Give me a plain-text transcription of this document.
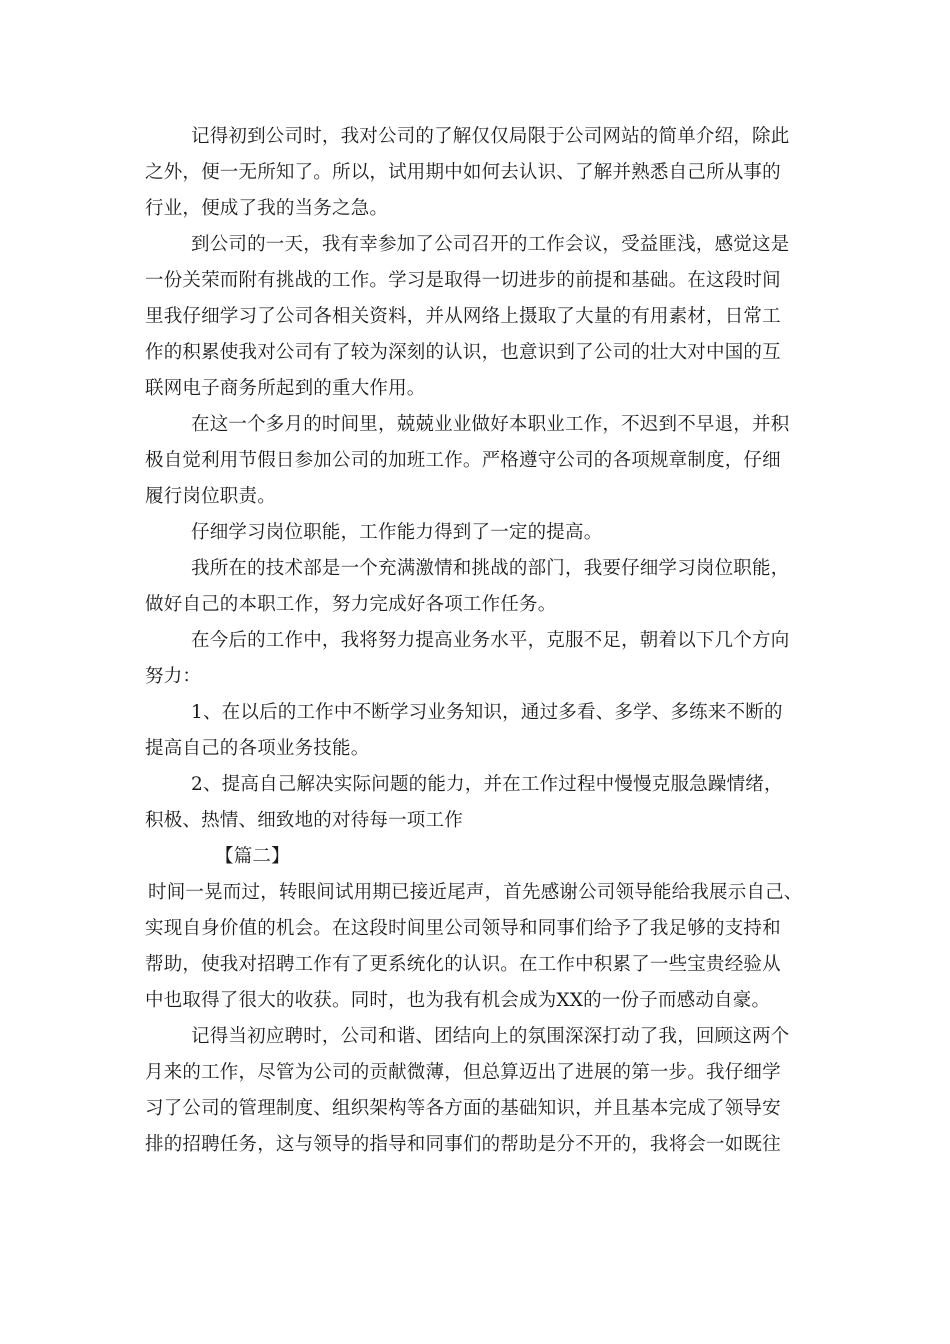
记得初到公司时，我对公司的了解仅仅局限于公司网站的简单介绍，除此
之外，便一无所知了。所以，试用期中如何去认识、了解并熟悉自己所从事的
行业，便成了我的当务之急。
到公司的一天，我有幸参加了公司召开的工作会议，受益匪浅，感觉这是
一份关荣而附有挑战的工作。学习是取得一切进步的前提和基础。在这段时间
里我仔细学习了公司各相关资料，并从网络上摄取了大量的有用素材，日常工
作的积累使我对公司有了较为深刻的认识，也意识到了公司的壮大对中国的互
联网电子商务所起到的重大作用。
在这一个多月的时间里，兢兢业业做好本职业工作，不迟到不早退，并积
极自觉利用节假日参加公司的加班工作。严格遵守公司的各项规章制度，仔细
履行岗位职责。
仔细学习岗位职能，工作能力得到了一定的提高。
我所在的技术部是一个充满激情和挑战的部门，我要仔细学习岗位职能，
做好自己的本职工作，努力完成好各项工作任务。
在今后的工作中，我将努力提高业务水平，克服不足，朝着以下几个方向
努力：
1、在以后的工作中不断学习业务知识，通过多看、多学、多练来不断的
提高自己的各项业务技能。
2、提高自己解决实际问题的能力，并在工作过程中慢慢克服急躁情绪，
积极、热情、细致地的对待每一项工作
【篇二】
时间一晃而过，转眼间试用期已接近尾声，首先感谢公司领导能给我展示自己、
实现自身价值的机会。在这段时间里公司领导和同事们给予了我足够的支持和
帮助，使我对招聘工作有了更系统化的认识。在工作中积累了一些宝贵经验从
中也取得了很大的收获。同时，也为我有机会成为XX的一份子而感动自豪。
记得当初应聘时，公司和谐、团结向上的氛围深深打动了我，回顾这两个
月来的工作，尽管为公司的贡献微薄，但总算迈出了进展的第一步。我仔细学
习了公司的管理制度、组织架构等各方面的基础知识，并且基本完成了领导安
排的招聘任务，这与领导的指导和同事们的帮助是分不开的，我将会一如既往
